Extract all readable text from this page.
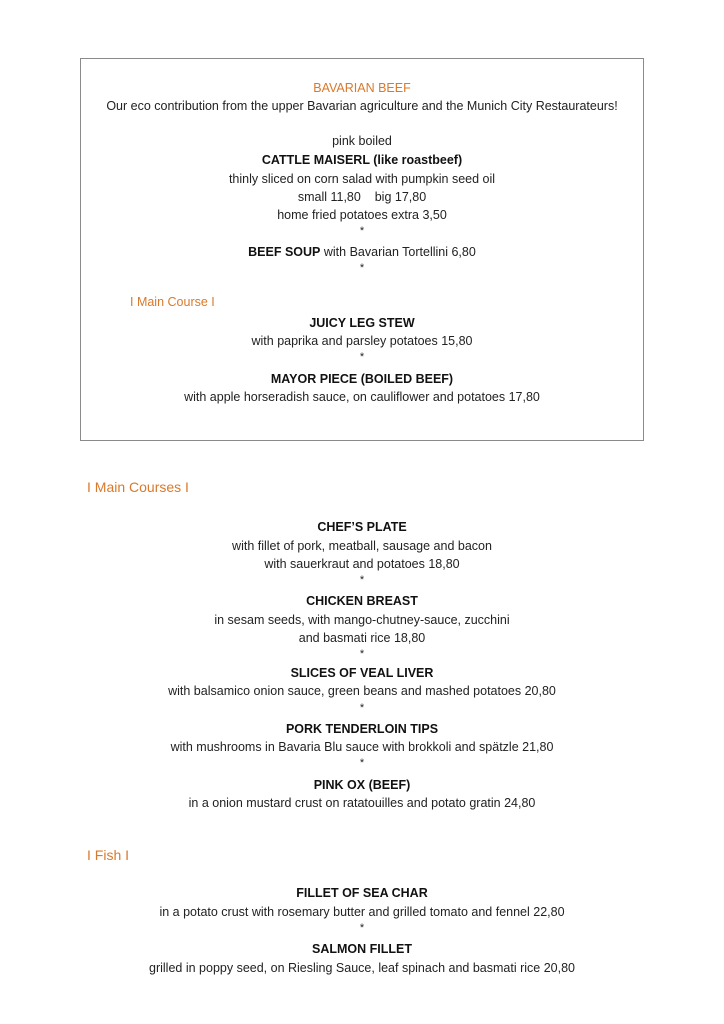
BAVARIAN BEEF
Our eco contribution from the upper Bavarian agriculture and the Munich City Restaurateurs!
pink boiled
CATTLE MAISERL (like roastbeef)
thinly sliced on corn salad with pumpkin seed oil
small 11,80    big 17,80
home fried potatoes extra 3,50
*
BEEF SOUP with Bavarian Tortellini 6,80
*
I Main Course I
JUICY LEG STEW
with paprika and parsley potatoes 15,80
*
MAYOR PIECE (BOILED BEEF)
with apple horseradish sauce, on cauliflower and potatoes 17,80
I Main Courses I
CHEF’S PLATE
with fillet of pork, meatball, sausage and bacon
with sauerkraut and potatoes 18,80
*
CHICKEN BREAST
in sesam seeds, with mango-chutney-sauce, zucchini
and basmati rice 18,80
*
SLICES OF VEAL LIVER
with balsamico onion sauce, green beans and mashed potatoes 20,80
*
PORK TENDERLOIN TIPS
with mushrooms in Bavaria Blu sauce with brokkoli and spätzle 21,80
*
PINK OX (BEEF)
in a onion mustard crust on ratatouilles and potato gratin 24,80
I Fish I
FILLET OF SEA CHAR
in a potato crust with rosemary butter and grilled tomato and fennel 22,80
*
SALMON FILLET
grilled in poppy seed, on Riesling Sauce, leaf spinach and basmati rice 20,80
